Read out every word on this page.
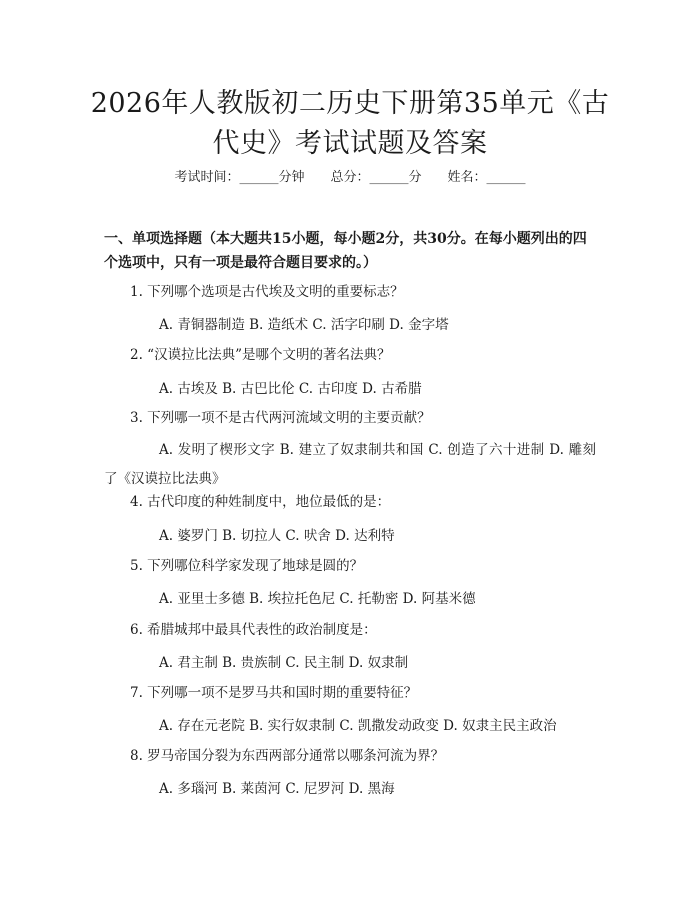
2026年人教版初二历史下册第35单元《古代史》考试试题及答案
考试时间：______分钟 总分：______分 姓名：______
一、单项选择题（本大题共15小题，每小题2分，共30分。在每小题列出的四个选项中，只有一项是最符合题目要求的。）
1. 下列哪个选项是古代埃及文明的重要标志？
A. 青铜器制造 B. 造纸术 C. 活字印刷 D. 金字塔
2. “汉谟拉比法典”是哪个文明的著名法典？
A. 古埃及 B. 古巴比伦 C. 古印度 D. 古希腊
3. 下列哪一项不是古代两河流域文明的主要贡献？
A. 发明了楔形文字 B. 建立了奴隶制共和国 C. 创造了六十进制 D. 雕刻了《汉谟拉比法典》
4. 古代印度的种姓制度中，地位最低的是：
A. 婆罗门 B. 切拉人 C. 吠舍 D. 达利特
5. 下列哪位科学家发现了地球是圆的？
A. 亚里士多德 B. 埃拉托色尼 C. 托勒密 D. 阿基米德
6. 希腊城邦中最具代表性的政治制度是：
A. 君主制 B. 贵族制 C. 民主制 D. 奴隶制
7. 下列哪一项不是罗马共和国时期的重要特征？
A. 存在元老院 B. 实行奴隶制 C. 凯撒发动政变 D. 奴隶主民主政治
8. 罗马帝国分裂为东西两部分通常以哪条河流为界？
A. 多瑙河 B. 莱茵河 C. 尼罗河 D. 黑海
